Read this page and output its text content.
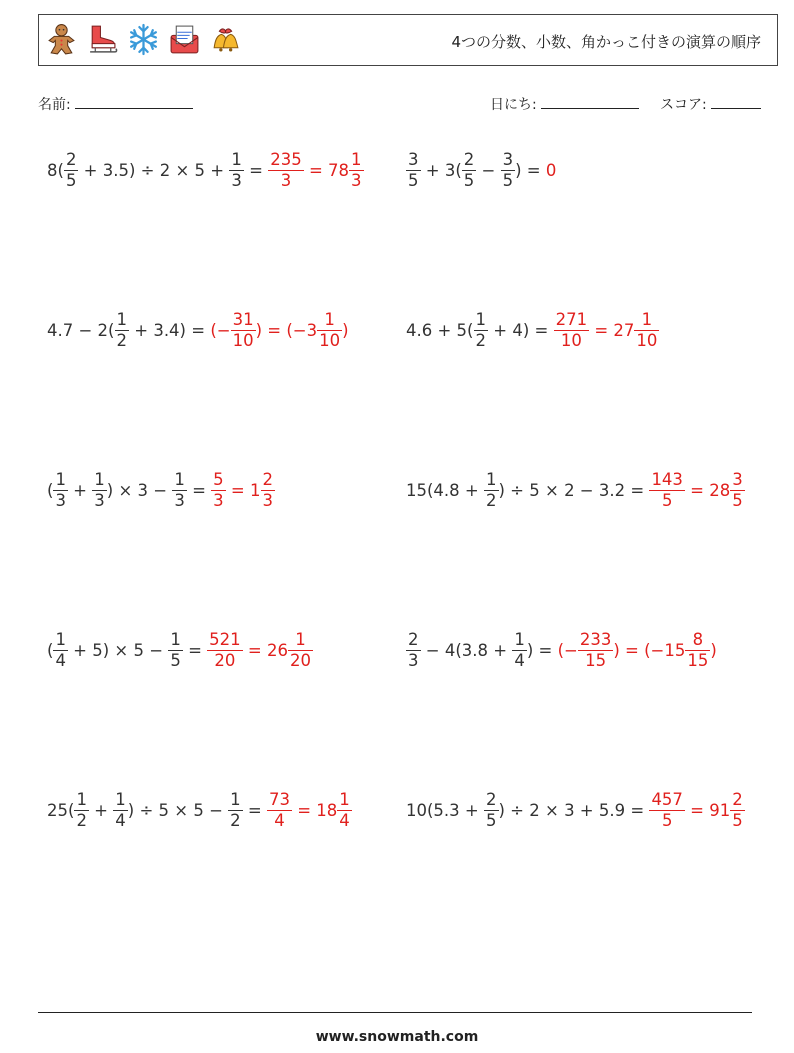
4つの分数、小数、角かっこ付きの演算の順序
名前:	日にち:	スコア:
$8( \frac{2}{5} + 3.5) \div 2 \times 5 + \frac{1}{3} = \frac{235}{3} = 78 \frac{1}{3}$	$\frac{3}{5} + 3( \frac{2}{5} - \frac{3}{5}$ ) = 0
$4.7 - 2( \frac{1}{2} + 3.4)$ = (− $\frac{31}{10}$ ) = ($-3 \frac{1}{10}$ )	$4.6 + 5( \frac{1}{2} + 4) = \frac{271}{10} = 27 \frac{1}{10}$
( $\frac{1}{3} + \frac{1}{3}$ ) × $3 - \frac{1}{3} = \frac{5}{3} = 1 \frac{2}{3}$	$15(4.8 + \frac{1}{2}$ ) ÷ $5 \times 2 - 3.2 = \frac{143}{5} = 28 \frac{3}{5}$
( $\frac{1}{4} + 5) \times 5 - \frac{1}{5} = \frac{521}{20} = 26 \frac{1}{20}$	$\frac{2}{3} - 4(3.8 + \frac{1}{4}$ ) = (− $\frac{233}{15}$ ) = ($-15 \frac{8}{15}$ )
$25( \frac{1}{2} + \frac{1}{4}$ ) ÷ $5 \times 5 - \frac{1}{2} = \frac{73}{4} = 18 \frac{1}{4}$	$10(5.3 + \frac{2}{5}$ ) ÷ $2 \times 3 + 5.9 = \frac{457}{5} = 91 \frac{2}{5}$
www.snowmath.com
